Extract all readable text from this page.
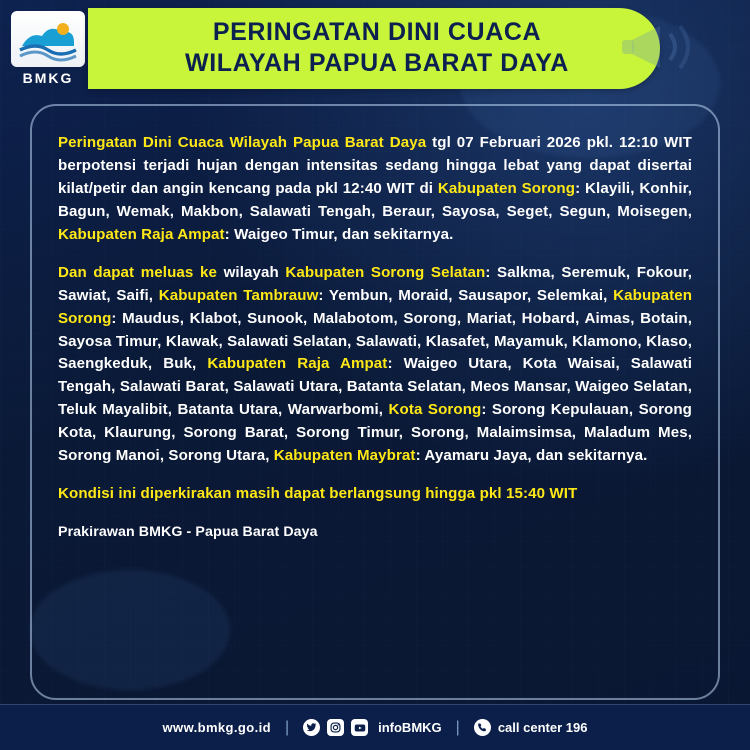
BMKG
PERINGATAN DINI CUACA
WILAYAH PAPUA BARAT DAYA

Peringatan Dini Cuaca Wilayah Papua Barat Daya tgl 07 Februari 2026 pkl. 12:10 WIT berpotensi terjadi hujan dengan intensitas sedang hingga lebat yang dapat disertai kilat/petir dan angin kencang pada pkl 12:40 WIT di Kabupaten Sorong: Klayili, Konhir, Bagun, Wemak, Makbon, Salawati Tengah, Beraur, Sayosa, Seget, Segun, Moisegen, Kabupaten Raja Ampat: Waigeo Timur, dan sekitarnya.

Dan dapat meluas ke wilayah Kabupaten Sorong Selatan: Salkma, Seremuk, Fokour, Sawiat, Saifi, Kabupaten Tambrauw: Yembun, Moraid, Sausapor, Selemkai, Kabupaten Sorong: Maudus, Klabot, Sunook, Malabotom, Sorong, Mariat, Hobard, Aimas, Botain, Sayosa Timur, Klawak, Salawati Selatan, Salawati, Klasafet, Mayamuk, Klamono, Klaso, Saengkeduk, Buk, Kabupaten Raja Ampat: Waigeo Utara, Kota Waisai, Salawati Tengah, Salawati Barat, Salawati Utara, Batanta Selatan, Meos Mansar, Waigeo Selatan, Teluk Mayalibit, Batanta Utara, Warwarbomi, Kota Sorong: Sorong Kepulauan, Sorong Kota, Klaurung, Sorong Barat, Sorong Timur, Sorong, Malaimsimsa, Maladum Mes, Sorong Manoi, Sorong Utara, Kabupaten Maybrat: Ayamaru Jaya, dan sekitarnya.

Kondisi ini diperkirakan masih dapat berlangsung hingga pkl 15:40 WIT

Prakirawan BMKG - Papua Barat Daya
www.bmkg.go.id |	infoBMKG |	call center 196
